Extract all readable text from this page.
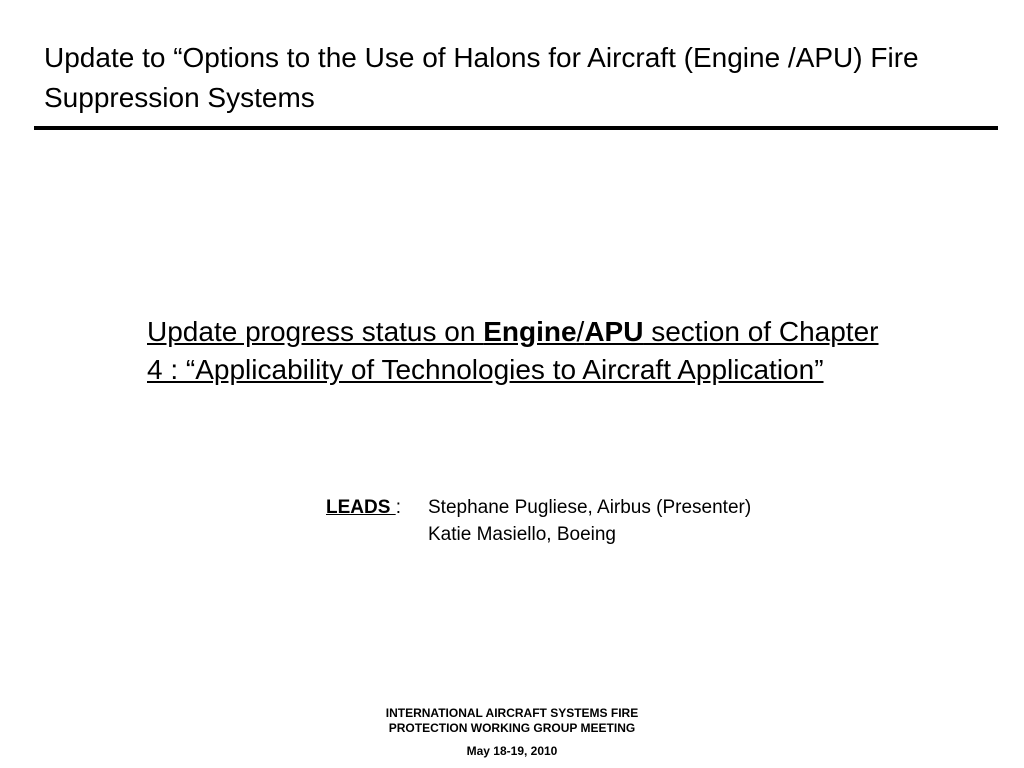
Update to “Options to the Use of Halons for Aircraft (Engine /APU) Fire Suppression Systems

Update progress status on Engine/APU section of Chapter 4 : “Applicability of Technologies to Aircraft Application”

LEADS :	Stephane Pugliese, Airbus (Presenter)
Katie Masiello, Boeing
INTERNATIONAL AIRCRAFT SYSTEMS FIRE
PROTECTION WORKING GROUP MEETING
May 18-19, 2010
